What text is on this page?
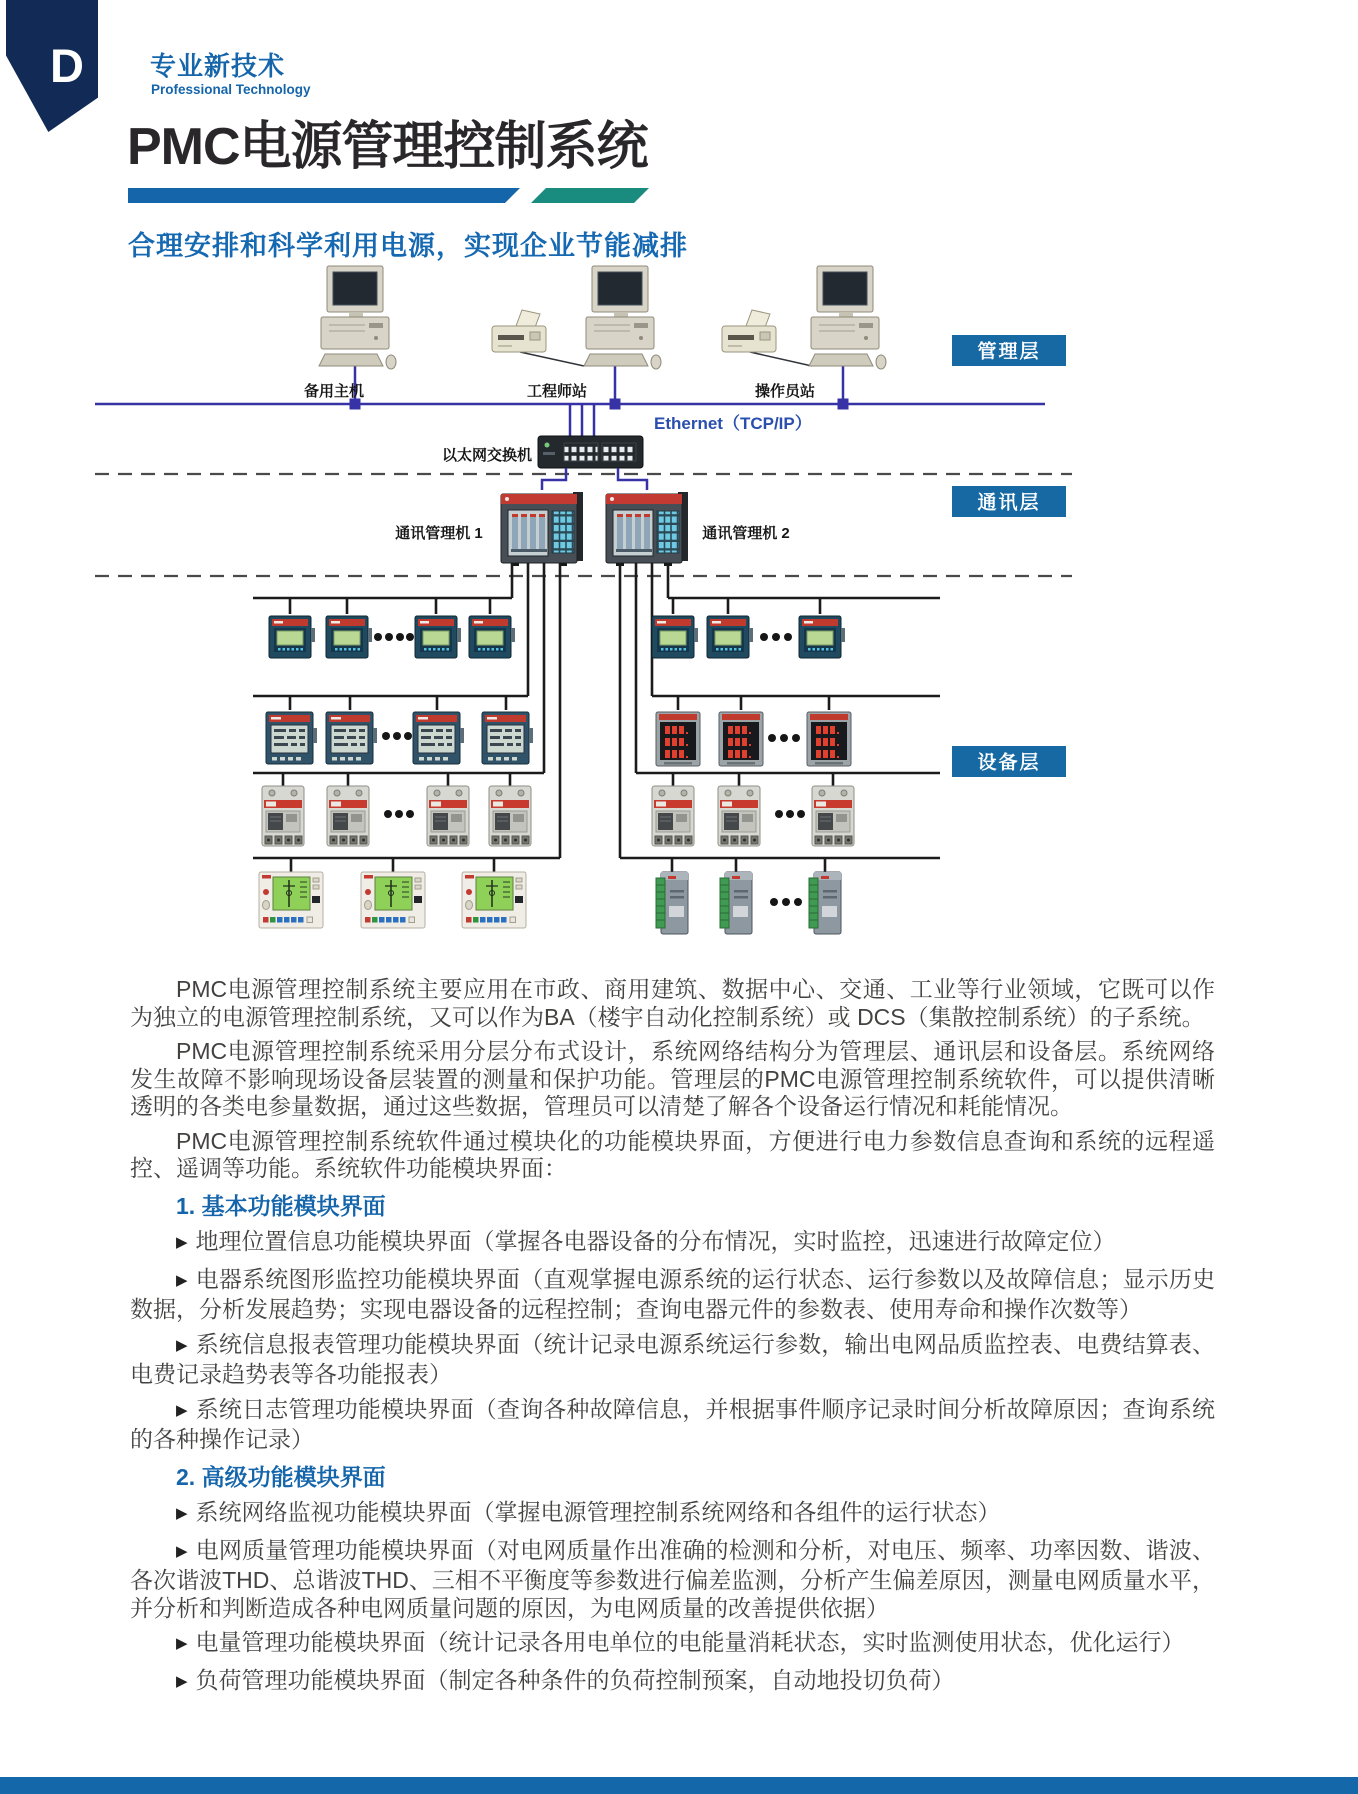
D	专业新技术
Professional Technology
PMC电源管理控制系统
合理安排和科学利用电源，实现企业节能减排
备用主机	工程师站	操作员站
Ethernet（TCP/IP）
以太网交换机
通讯管理机 1	通讯管理机 2
管理层
通讯层
设备层

PMC电源管理控制系统主要应用在市政、商用建筑、数据中心、交通、工业等行业领域，它既可以作为独立的电源管理控制系统，又可以作为BA（楼宇自动化控制系统）或 DCS（集散控制系统）的子系统。

PMC电源管理控制系统采用分层分布式设计，系统网络结构分为管理层、通讯层和设备层。系统网络发生故障不影响现场设备层装置的测量和保护功能。管理层的PMC电源管理控制系统软件，可以提供清晰透明的各类电参量数据，通过这些数据，管理员可以清楚了解各个设备运行情况和耗能情况。

PMC电源管理控制系统软件通过模块化的功能模块界面，方便进行电力参数信息查询和系统的远程遥控、遥调等功能。系统软件功能模块界面：

1. 基本功能模块界面

▶ 地理位置信息功能模块界面（掌握各电器设备的分布情况，实时监控，迅速进行故障定位）

▶ 电器系统图形监控功能模块界面（直观掌握电源系统的运行状态、运行参数以及故障信息；显示历史数据，分析发展趋势；实现电器设备的远程控制；查询电器元件的参数表、使用寿命和操作次数等）

▶ 系统信息报表管理功能模块界面（统计记录电源系统运行参数，输出电网品质监控表、电费结算表、电费记录趋势表等各功能报表）

▶ 系统日志管理功能模块界面（查询各种故障信息，并根据事件顺序记录时间分析故障原因；查询系统的各种操作记录）

2. 高级功能模块界面

▶ 系统网络监视功能模块界面（掌握电源管理控制系统网络和各组件的运行状态）

▶ 电网质量管理功能模块界面（对电网质量作出准确的检测和分析，对电压、频率、功率因数、谐波、各次谐波THD、总谐波THD、三相不平衡度等参数进行偏差监测，分析产生偏差原因，测量电网质量水平，并分析和判断造成各种电网质量问题的原因，为电网质量的改善提供依据）

▶ 电量管理功能模块界面（统计记录各用电单位的电能量消耗状态，实时监测使用状态，优化运行）

▶ 负荷管理功能模块界面（制定各种条件的负荷控制预案，自动地投切负荷）
